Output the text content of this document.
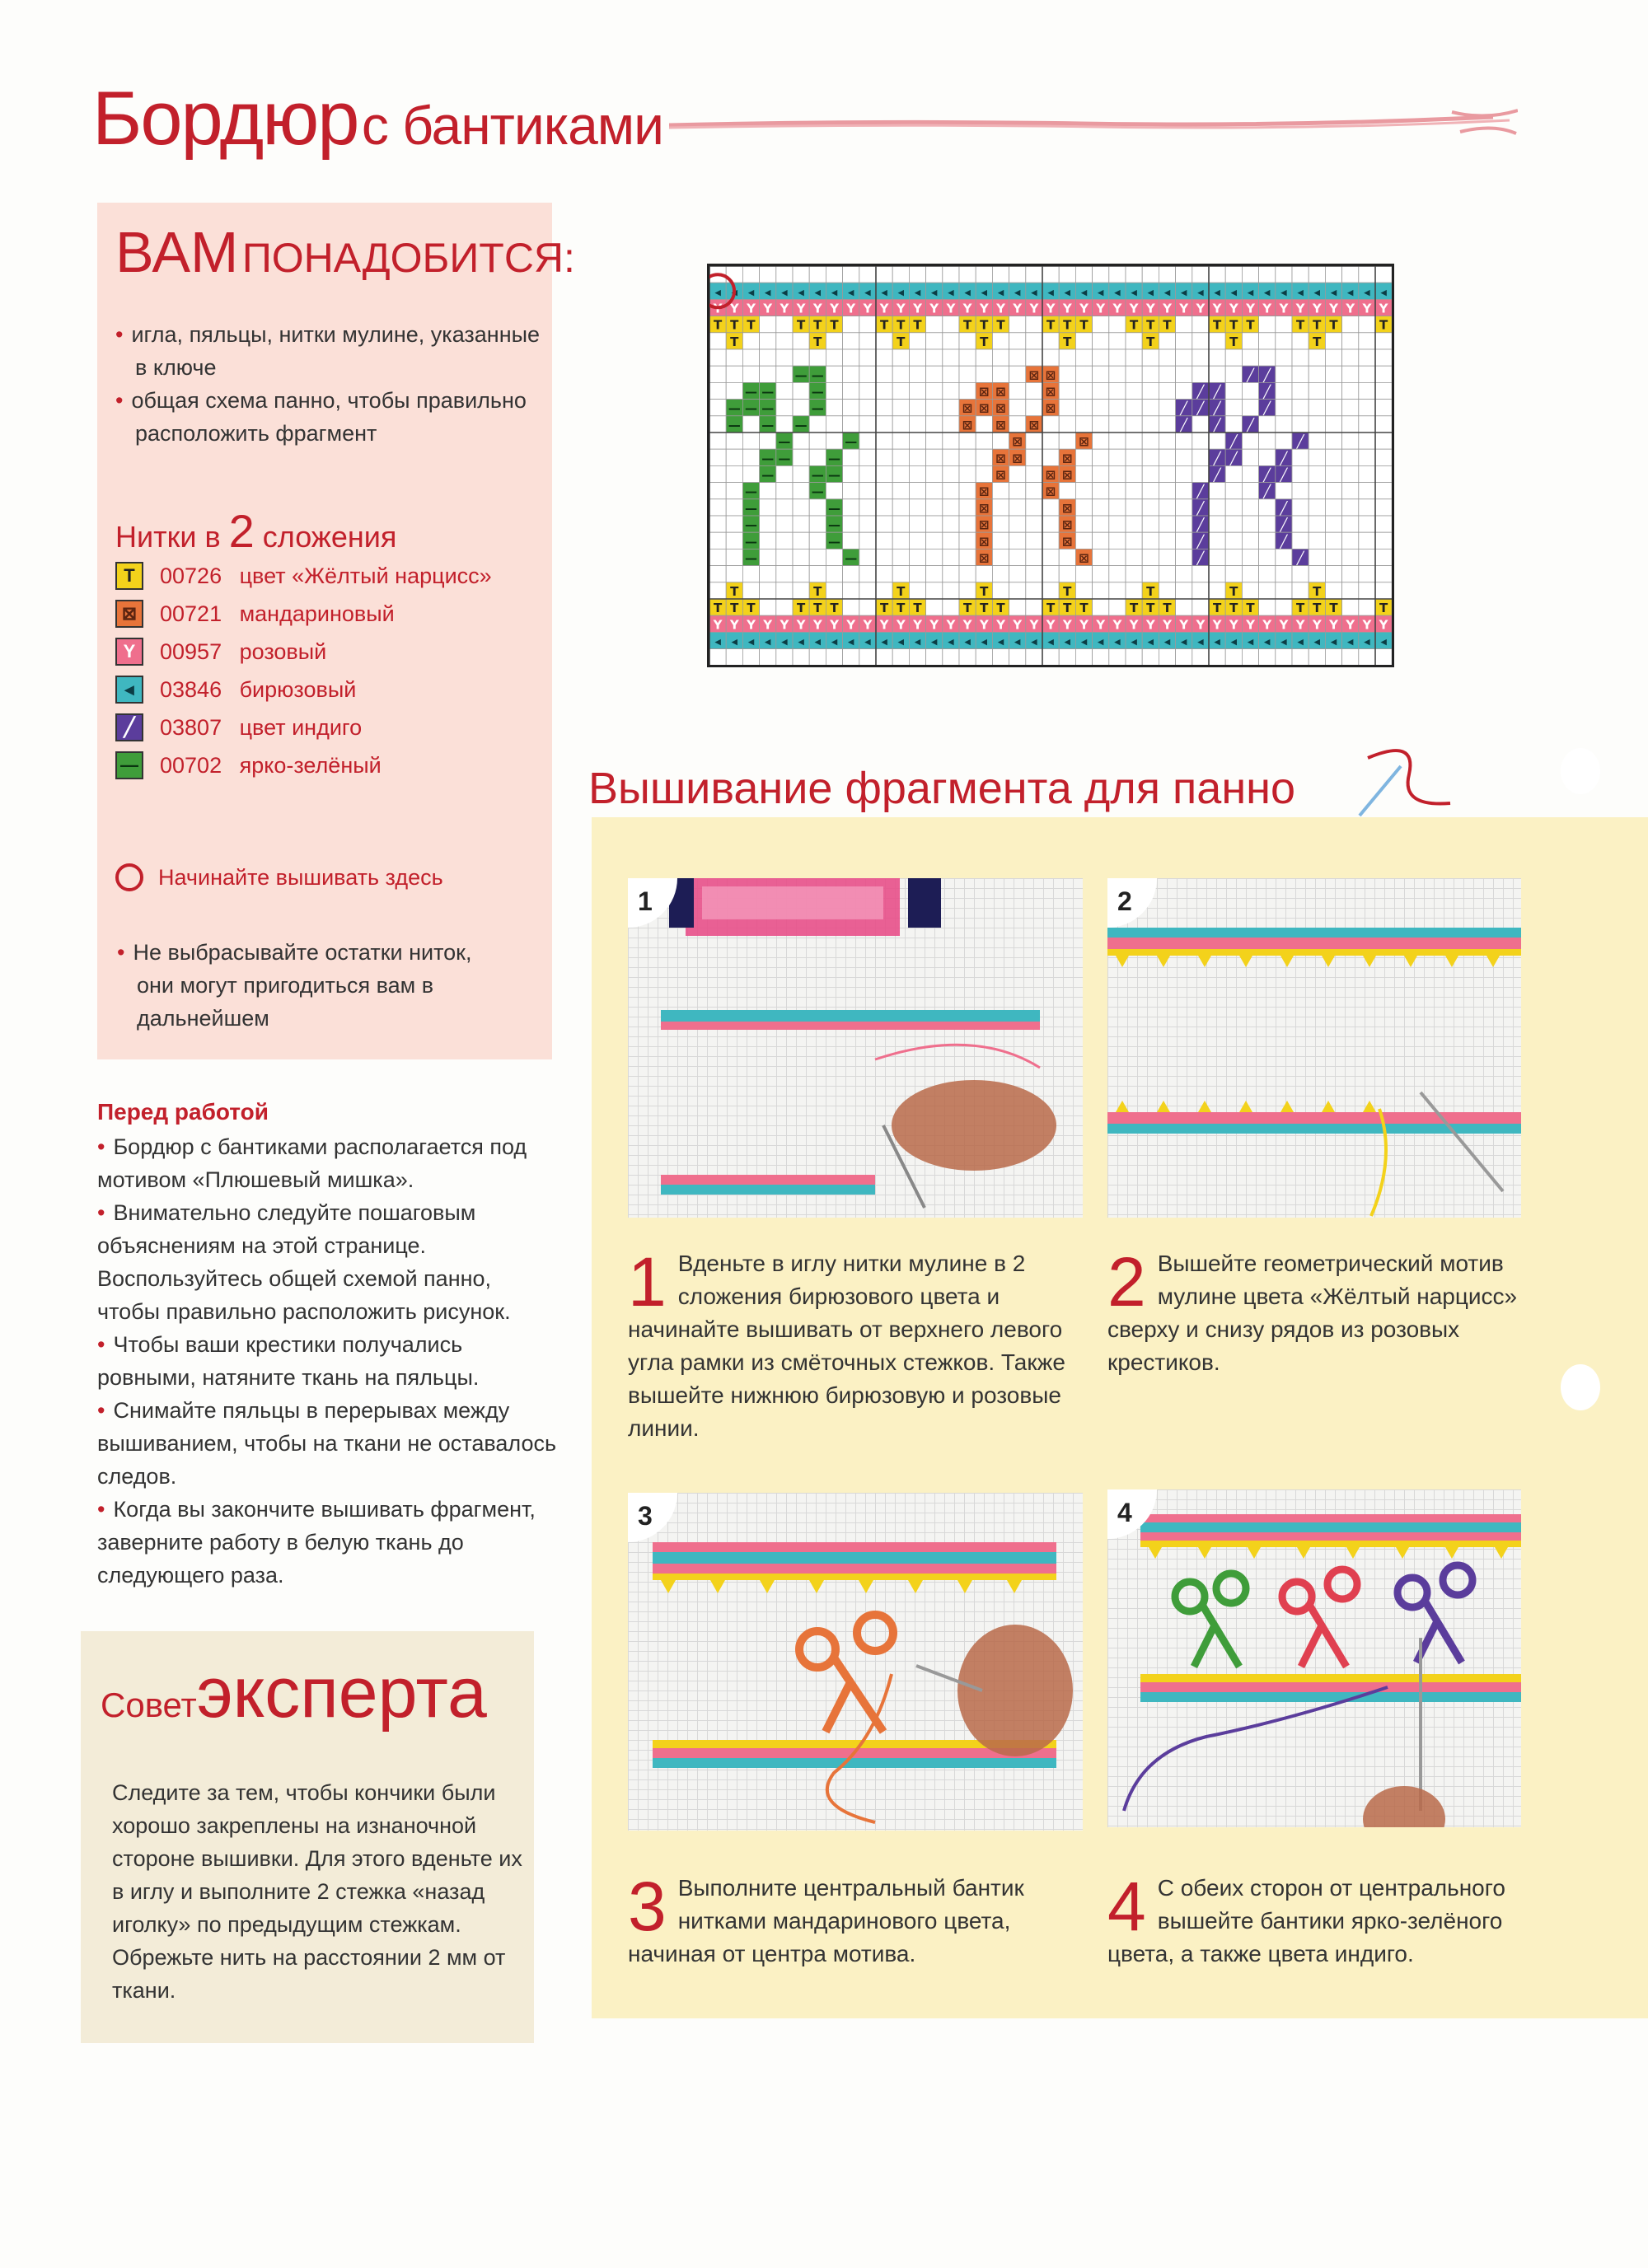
Бордюр с бантиками
ВАМ ПОНАДОБИТСЯ:
• игла, пяльцы, нитки мулине, указанные в ключе
• общая схема панно, чтобы правильно расположить фрагмент
Нитки в 2 сложения
T	00726 цвет «Жёлтый нарцисс»
⊠ 00721 мандариновый
Y	00957 розовый
◂	03846 бирюзовый
╱	03807 цвет индиго
— 00702 ярко-зелёный
Начинайте вышивать здесь
• Не выбрасывайте остатки ниток, они могут пригодиться вам в дальнейшем
Перед работой
• Бордюр с бантиками располагается под мотивом «Плюшевый мишка».
• Внимательно следуйте пошаговым объяснениям на этой странице. Воспользуйтесь общей схемой панно, чтобы правильно расположить рисунок.
• Чтобы ваши крестики получались ровными, натяните ткань на пяльцы.
• Снимайте пяльцы в перерывах между вышиванием, чтобы на ткани не оставалось следов.
• Когда вы закончите вышивать фрагмент, заверните работу в белую ткань до следующего раза.
Советэксперта
Следите за тем, чтобы кончики были хорошо закреплены на изнаночной стороне вышивки. Для этого вденьте их в иглу и выполните 2 стежка «назад иголку» по предыдущим стежкам. Обрежьте нить на расстоянии 2 мм от ткани.
◂ ◂ ◂ ◂ ◂ ◂ ◂ ◂ ◂ ◂ ◂ ◂ ◂ ◂ ◂ ◂ ◂ ◂ ◂ ◂ ◂ ◂ ◂ ◂ ◂ ◂ ◂ ◂ ◂ ◂ ◂ ◂ ◂ ◂ ◂ ◂ ◂ ◂ ◂ ◂ ◂
Y Y Y Y Y Y Y Y Y Y Y Y Y Y Y Y Y Y Y Y Y Y Y Y Y Y Y Y Y Y Y Y Y Y Y Y Y Y Y Y Y
T T T	T T T	T T T	T T T	T T T	T T T	T T T	T T T	T
T	T	T	T	T	T	T	T
— —	⊠ ⊠	╱ ╱
— —	—	⊠ ⊠	⊠	╱ ╱	╱
— — —	—	⊠ ⊠ ⊠	⊠	╱ ╱ ╱	╱
— — —	⊠ ⊠ ⊠	╱ ╱ ╱
—	—	⊠	⊠	╱	╱
— —	—	⊠ ⊠	⊠	╱ ╱	╱
—	— —	⊠	⊠ ⊠	╱	╱ ╱
—	—	⊠	⊠	╱	╱
—	—	⊠	⊠	╱	╱
—	—	⊠	⊠	╱	╱
—	—	⊠	⊠	╱	╱
—	—	⊠	⊠	╱	╱
T	T	T	T	T	T	T	T
T T T	T T T	T T T	T T T	T T T	T T T	T T T	T T T	T
Y Y Y Y Y Y Y Y Y Y Y Y Y Y Y Y Y Y Y Y Y Y Y Y Y Y Y Y Y Y Y Y Y Y Y Y Y Y Y Y Y
◂ ◂ ◂ ◂ ◂ ◂ ◂ ◂ ◂ ◂ ◂ ◂ ◂ ◂ ◂ ◂ ◂ ◂ ◂ ◂ ◂ ◂ ◂ ◂ ◂ ◂ ◂ ◂ ◂ ◂ ◂ ◂ ◂ ◂ ◂ ◂ ◂ ◂ ◂ ◂ ◂
Вышивание фрагмента для панно
1	2
1 Вденьте в иглу нитки мулине в 2 сложения бирюзового цвета и начинайте вышивать от верхнего левого угла рамки из смёточных стежков. Также вышейте нижнюю бирюзовую и розовые линии.
2 Вышейте геометрический мотив мулине цвета «Жёлтый нарцисс» сверху и снизу рядов из розовых крестиков.
3	4
3 Выполните центральный бантик нитками мандаринового цвета, начиная от центра мотива.
4 С обеих сторон от центрального вышейте бантики ярко-зелёного цвета, а также цвета индиго.
